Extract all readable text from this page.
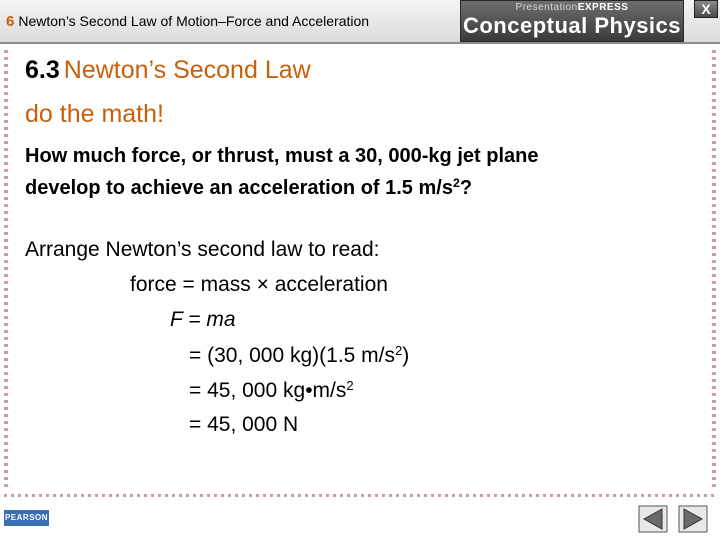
6 Newton’s Second Law of Motion–Force and Acceleration
PresentationEXPRESS
Conceptual Physics
X
6.3 Newton’s Second Law
do the math!
How much force, or thrust, must a 30, 000-kg jet plane
develop to achieve an acceleration of 1.5 $m/s^2$?
Arrange Newton’s second law to read:
force = mass × acceleration
F = ma
= (30, 000 kg)(1.5 $m/s^2$)
= 45, 000 $kg•m/s^2$
= 45, 000 N
PEARSON
